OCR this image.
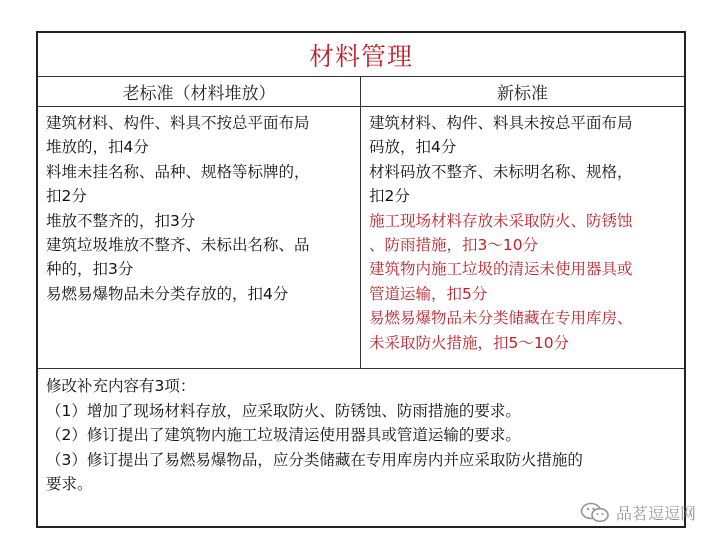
材料管理
老标准（材料堆放）	新标准
建筑材料、构件、料具不按总平面布局
堆放的，扣4分
料堆未挂名称、品种、规格等标牌的，
扣2分
堆放不整齐的，扣3分
建筑垃圾堆放不整齐、未标出名称、品
种的，扣3分
易燃易爆物品未分类存放的，扣4分
建筑材料、构件、料具未按总平面布局
码放，扣4分
材料码放不整齐、未标明名称、规格，
扣2分
施工现场材料存放未采取防火、防锈蚀
、防雨措施，扣3～10分
建筑物内施工垃圾的清运未使用器具或
管道运输，扣5分
易燃易爆物品未分类储藏在专用库房、
未采取防火措施，扣5～10分
修改补充内容有3项：
（1）增加了现场材料存放，应采取防火、防锈蚀、防雨措施的要求。
（2）修订提出了建筑物内施工垃圾清运使用器具或管道运输的要求。
（3）修订提出了易燃易爆物品，应分类储藏在专用库房内并应采取防火措施的
要求。
品茗逗逗网
